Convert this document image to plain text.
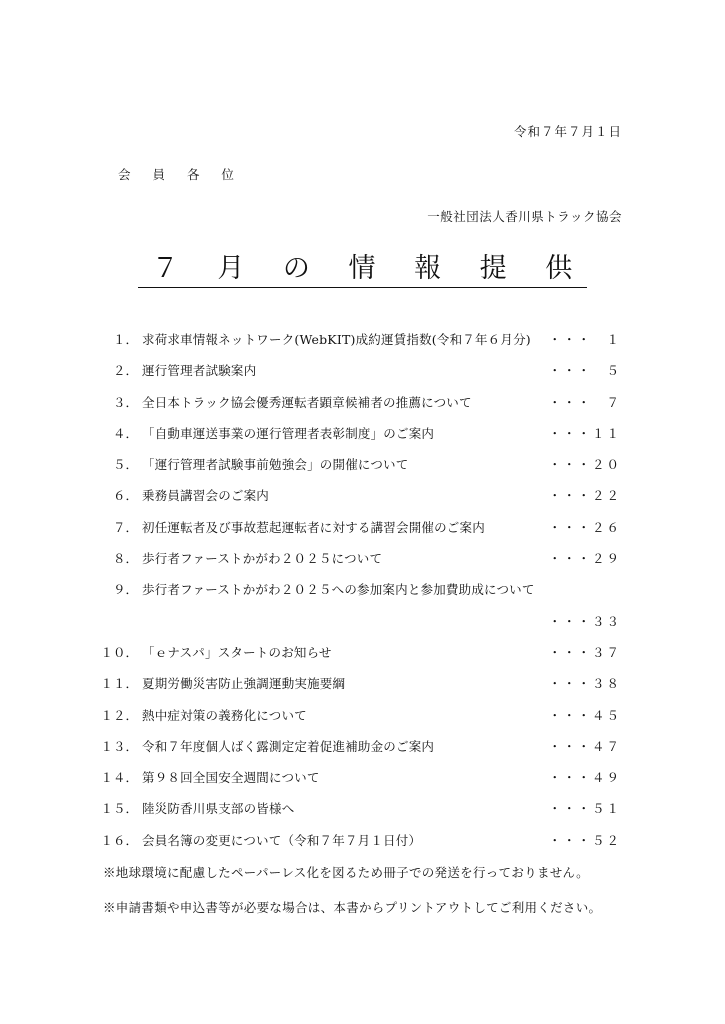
令和７年７月１日
会 員 各 位
一般社団法人香川県トラック協会
７ 月 の 情 報 提 供
１． 求荷求車情報ネットワーク(WebKIT)成約運賃指数(令和７年６月分) ・・・　１
２． 運行管理者試験案内	・・・　５
３． 全日本トラック協会優秀運転者顕章候補者の推薦について	・・・　７
４． 「自動車運送事業の運行管理者表彰制度」のご案内	・・・１１
５． 「運行管理者試験事前勉強会」の開催について	・・・２０
６． 乗務員講習会のご案内	・・・２２
７． 初任運転者及び事故惹起運転者に対する講習会開催のご案内	・・・２６
８． 歩行者ファーストかがわ２０２５について	・・・２９
９． 歩行者ファーストかがわ２０２５への参加案内と参加費助成について
・・・３３
１０． 「ｅナスパ」スタートのお知らせ	・・・３７
１１． 夏期労働災害防止強調運動実施要綱	・・・３８
１２． 熱中症対策の義務化について	・・・４５
１３． 令和７年度個人ばく露測定定着促進補助金のご案内	・・・４７
１４． 第９８回全国安全週間について	・・・４９
１５． 陸災防香川県支部の皆様へ	・・・５１
１６． 会員名簿の変更について（令和７年７月１日付）	・・・５２
※地球環境に配慮したペーパーレス化を図るため冊子での発送を行っておりません。
※申請書類や申込書等が必要な場合は、本書からプリントアウトしてご利用ください。
